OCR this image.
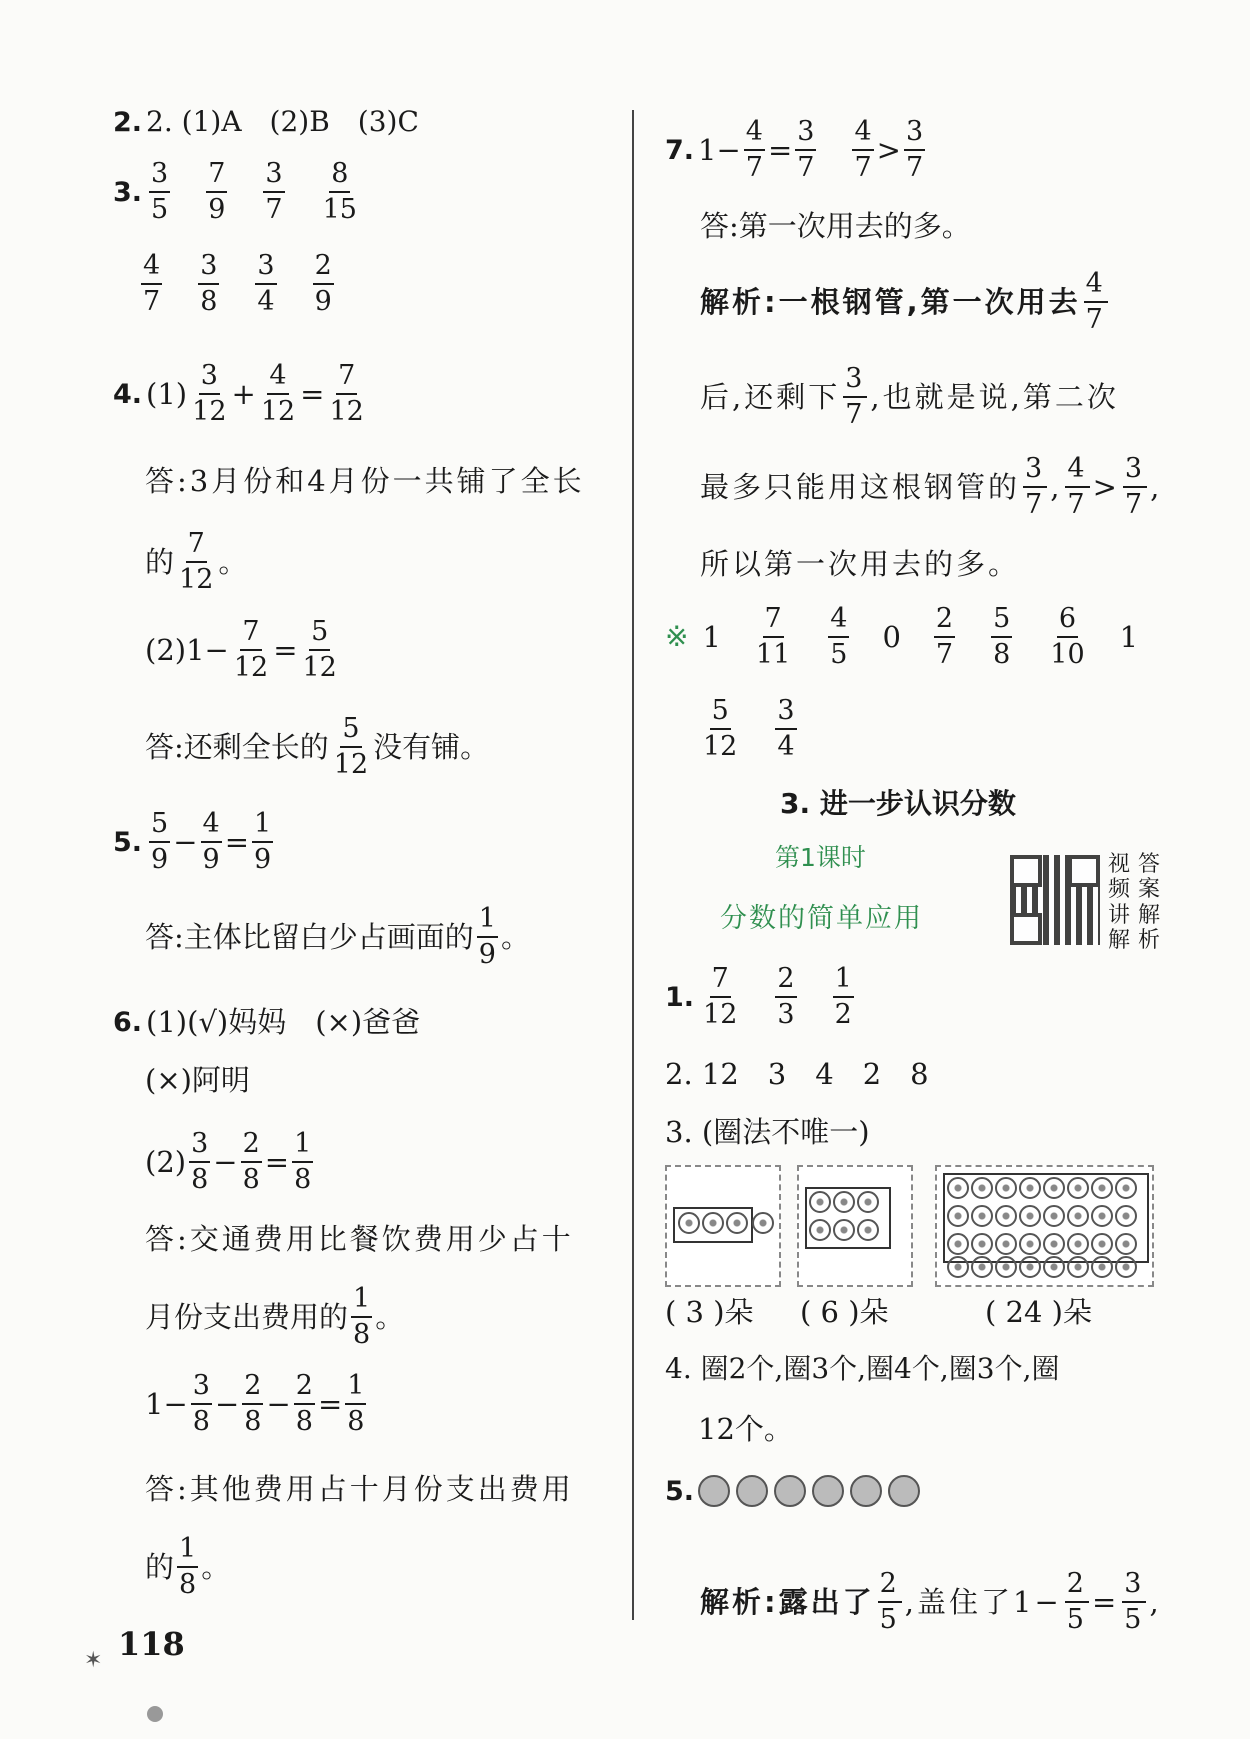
2. 2. (1)A　(2)B　(3)C
3. $\frac{3}{5} \frac{7}{9} \frac{3}{7} \frac{8}{15}$
$\frac{4}{7} \frac{3}{8} \frac{3}{4} \frac{2}{9}$
4. $(1) \frac{3}{12} + \frac{4}{12} = \frac{7}{12}$
答:3月份和4月份一共铺了全长
的 $\frac{7}{12}$ 。
$(2)1- \frac{7}{12} = \frac{5}{12}$
答:还剩全长的 $\frac{5}{12}$ 没有铺。
5. $\frac{5}{9} - \frac{4}{9} = \frac{1}{9}$
答:主体比留白少占画面的 $\frac{1}{9}$ 。
6. (1)(√)妈妈　(×)爸爸
(×)阿明
$(2) \frac{3}{8} - \frac{2}{8} = \frac{1}{8}$
答:交通费用比餐饮费用少占十
月份支出费用的 $\frac{1}{8}$ 。
$1- \frac{3}{8} - \frac{2}{8} - \frac{2}{8} = \frac{1}{8}$
答:其他费用占十月份支出费用
的 $\frac{1}{8}$ 。
7. $1- \frac{4}{7} = \frac{3}{7} \frac{4}{7} > \frac{3}{7}$
答:第一次用去的多。
解析:一根钢管,第一次用去 $\frac{4}{7}$
后,还剩下 $\frac{3}{7}$ ,也就是说,第二次
最多只能用这根钢管的 $\frac{3}{7}$ , $\frac{4}{7} > \frac{3}{7}$ ,
所以第一次用去的多。
※ $1 \frac{7}{11} \frac{4}{5} 0 \frac{2}{7} \frac{5}{8} \frac{6}{10} 1$
$\frac{5}{12} \frac{3}{4}$
3. 进一步认识分数
第1课时
分数的简单应用
视频讲解
答案解析
1. $\frac{7}{12} \frac{2}{3} \frac{1}{2}$
2. 12　3　4　2　8
3. (圈法不唯一)

( 3 )朵 ( 6 )朵	( 24 )朵
4. 圈2个,圈3个,圈4个,圈3个,圈
12个。
5.
解析:露出了 $\frac{2}{5}$ ,盖住了$1- \frac{2}{5} = \frac{3}{5}$ ,
✶ 118
